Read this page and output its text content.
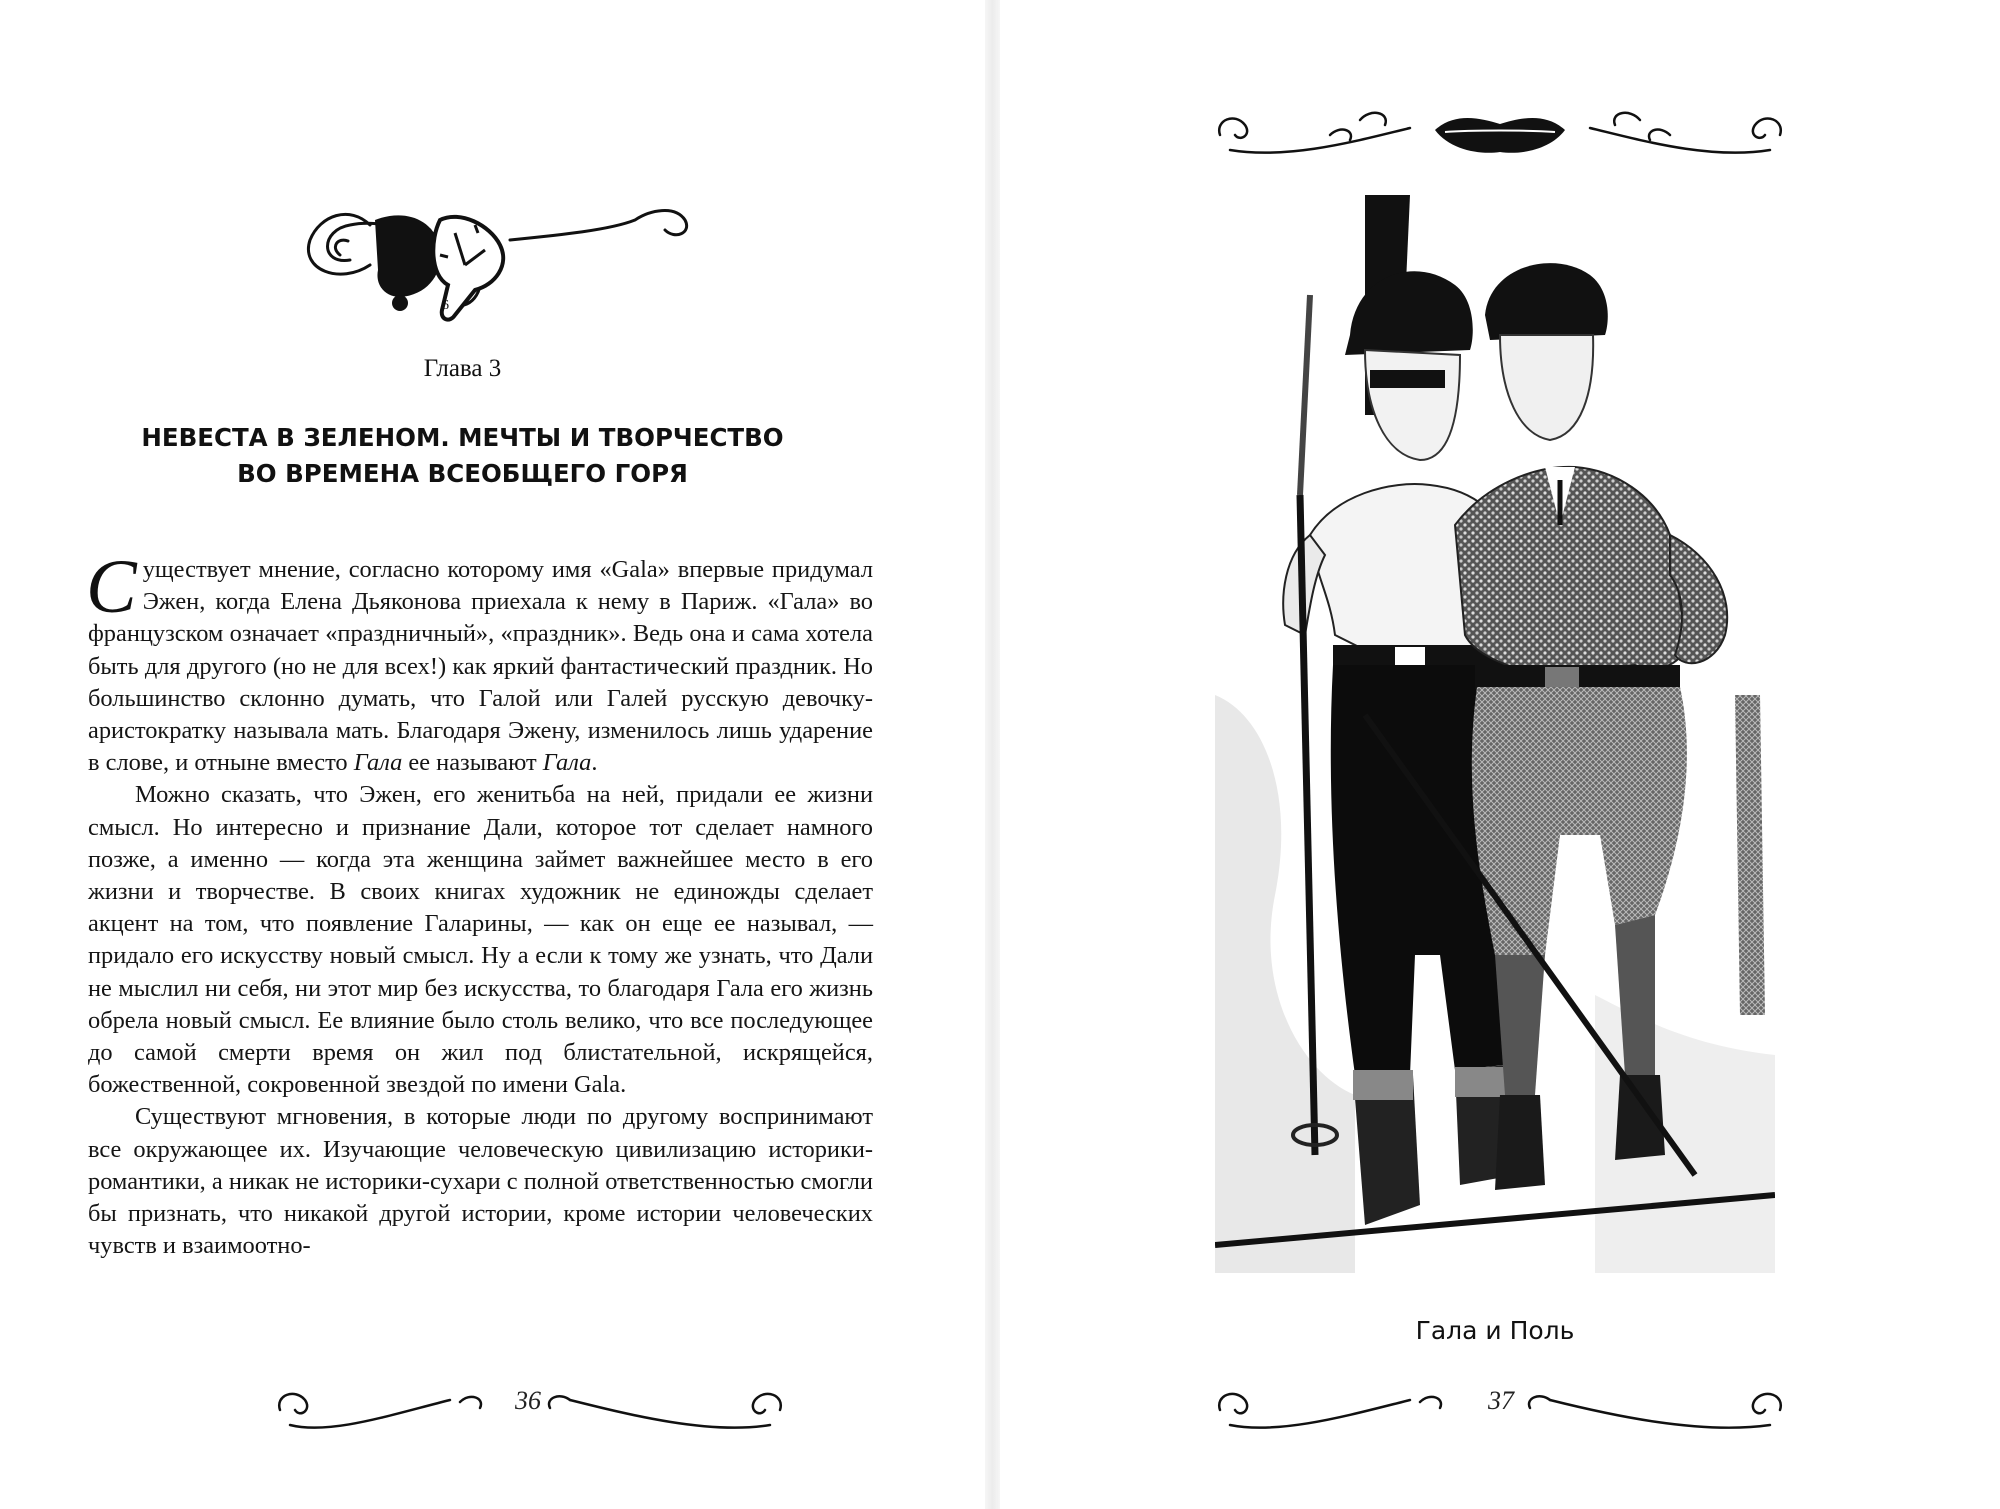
6
Глава 3
НЕВЕСТА В ЗЕЛЕНОМ. МЕЧТЫ И ТВОРЧЕСТВО
ВО ВРЕМЕНА ВСЕОБЩЕГО ГОРЯ

Существует мнение, согласно которому имя «Gala» впервые придумал Эжен, когда Елена Дьяконова приехала к нему в Париж. «Гала» во французском означает «праздничный», «праздник». Ведь она и сама хотела быть для другого (но не для всех!) как яркий фантастический праздник. Но большинство склонно думать, что Галой или Галей русскую девочку-аристократку называла мать. Благодаря Эжену, изменилось лишь ударение в слове, и отныне вместо Гала ее называют Гала.

Можно сказать, что Эжен, его женитьба на ней, придали ее жизни смысл. Но интересно и признание Дали, которое тот сделает намного позже, а именно — когда эта женщина займет важнейшее место в его жизни и творчестве. В своих книгах художник не единожды сделает акцент на том, что появление Галарины, — как он еще ее называл, — придало его искусству новый смысл. Ну а если к тому же узнать, что Дали не мыслил ни себя, ни этот мир без искусства, то благодаря Гала его жизнь обрела новый смысл. Ее влияние было столь велико, что все последующее до самой смерти время он жил под блистательной, искрящейся, божественной, сокровенной звездой по имени Gala.

Существуют мгновения, в которые люди по другому воспринимают все окружающее их. Изучающие человеческую цивилизацию историки-романтики, а никак не историки-сухари с полной ответственностью смогли бы признать, что никакой другой истории, кроме истории человеческих чувств и взаимоотно-

36
Гала и Поль
37
